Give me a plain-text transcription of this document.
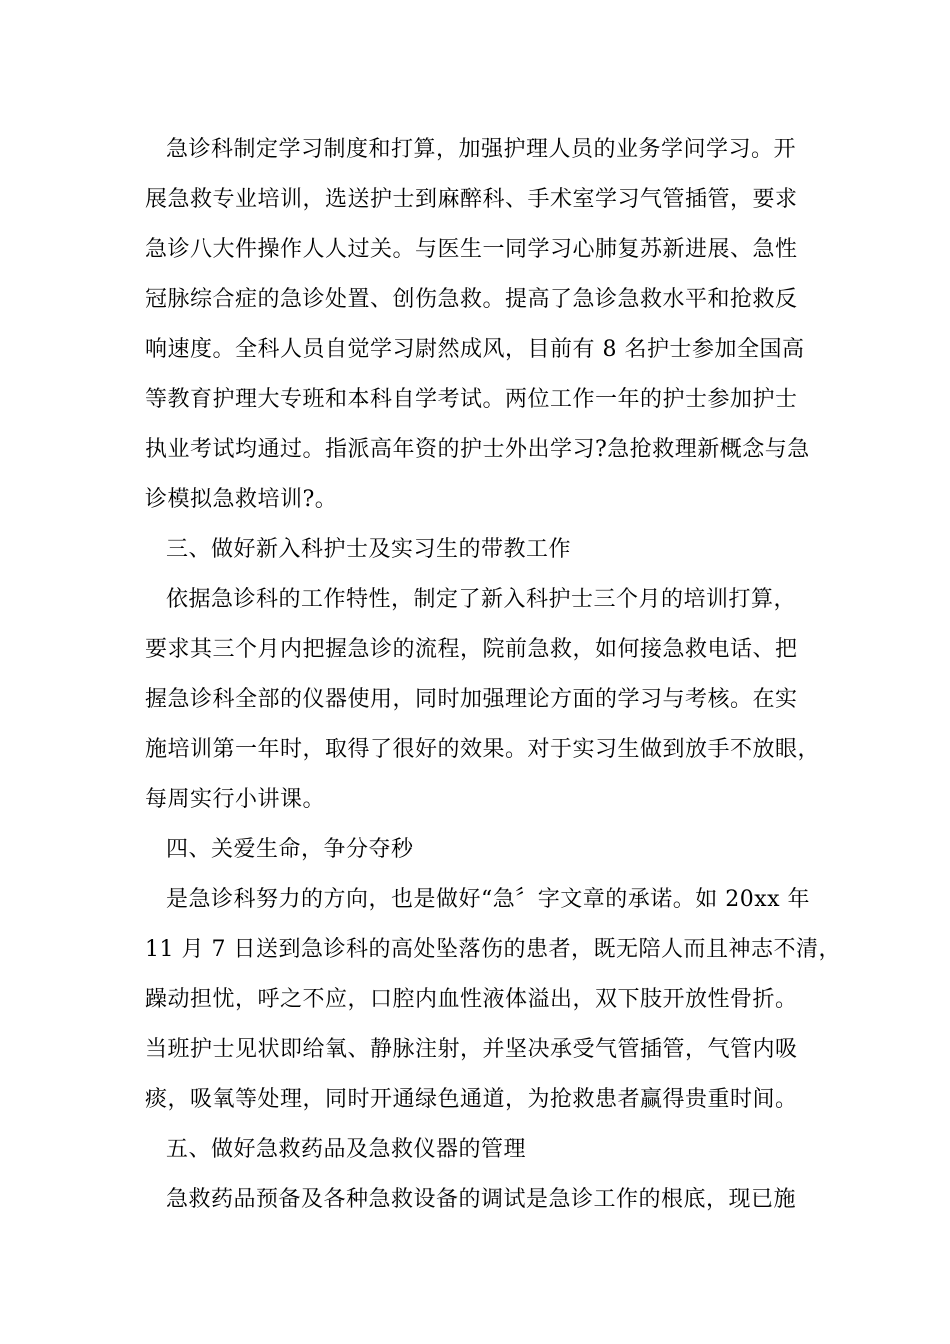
急诊科制定学习制度和打算，加强护理人员的业务学问学习。开
展急救专业培训，选送护士到麻醉科、手术室学习气管插管，要求
急诊八大件操作人人过关。与医生一同学习心肺复苏新进展、急性
冠脉综合症的急诊处置、创伤急救。提高了急诊急救水平和抢救反
响速度。全科人员自觉学习尉然成风，目前有 8 名护士参加全国高
等教育护理大专班和本科自学考试。两位工作一年的护士参加护士
执业考试均通过。指派高年资的护士外出学习?急抢救理新概念与急
诊模拟急救培训?。
三、做好新入科护士及实习生的带教工作
依据急诊科的工作特性，制定了新入科护士三个月的培训打算，
要求其三个月内把握急诊的流程，院前急救，如何接急救电话、把
握急诊科全部的仪器使用，同时加强理论方面的学习与考核。在实
施培训第一年时，取得了很好的效果。对于实习生做到放手不放眼，
每周实行小讲课。
四、关爱生命，争分夺秒
是急诊科努力的方向，也是做好“急〞字文章的承诺。如 20xx 年
11 月 7 日送到急诊科的高处坠落伤的患者，既无陪人而且神志不清，
躁动担忧，呼之不应，口腔内血性液体溢出，双下肢开放性骨折。
当班护士见状即给氧、静脉注射，并坚决承受气管插管，气管内吸
痰，吸氧等处理，同时开通绿色通道，为抢救患者赢得贵重时间。
五、做好急救药品及急救仪器的管理
急救药品预备及各种急救设备的调试是急诊工作的根底，现已施
